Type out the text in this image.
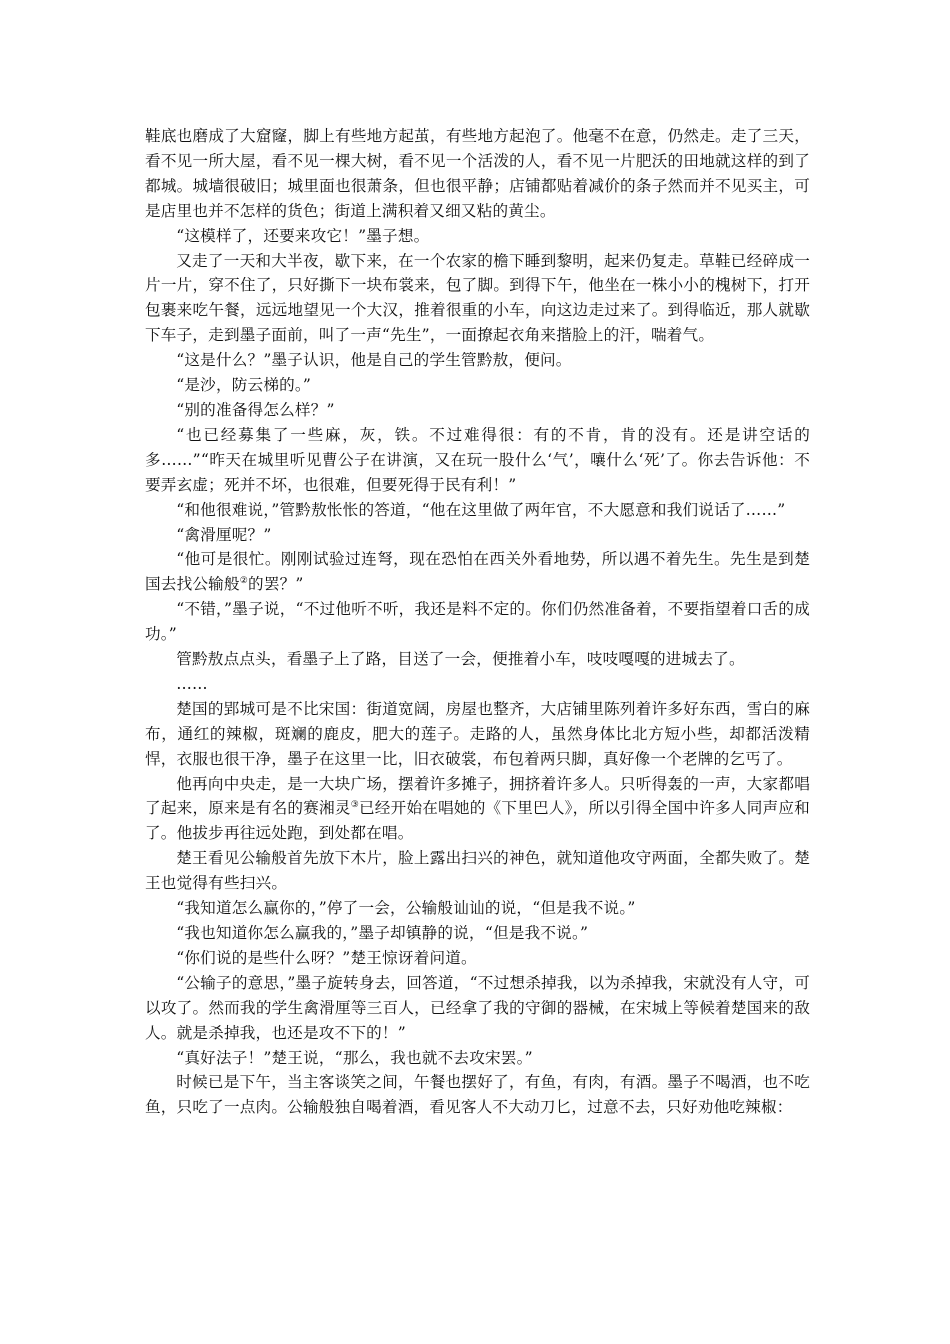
鞋底也磨成了大窟窿，脚上有些地方起茧，有些地方起泡了。他毫不在意，仍然走。走了三天，看不见一所大屋，看不见一棵大树，看不见一个活泼的人，看不见一片肥沃的田地就这样的到了都城。城墙很破旧；城里面也很萧条，但也很平静；店铺都贴着减价的条子然而并不见买主，可是店里也并不怎样的货色；街道上满积着又细又粘的黄尘。

“这模样了，还要来攻它！”墨子想。

又走了一天和大半夜，歇下来，在一个农家的檐下睡到黎明，起来仍复走。草鞋已经碎成一片一片，穿不住了，只好撕下一块布裳来，包了脚。到得下午，他坐在一株小小的槐树下，打开包裹来吃午餐，远远地望见一个大汉，推着很重的小车，向这边走过来了。到得临近，那人就歇下车子，走到墨子面前，叫了一声“先生”，一面撩起衣角来揩脸上的汗，喘着气。

“这是什么？”墨子认识，他是自己的学生管黔敖，便问。

“是沙，防云梯的。”

“别的准备得怎么样？”

“也已经募集了一些麻，灰，铁。不过难得很：有的不肯，肯的没有。还是讲空话的多……”“昨天在城里听见曹公子在讲演，又在玩一股什么‘气’，嚷什么‘死’了。你去告诉他：不要弄玄虚；死并不坏，也很难，但要死得于民有利！”

“和他很难说，”管黔敖怅怅的答道，“他在这里做了两年官，不大愿意和我们说话了……”

“禽滑厘呢？”

“他可是很忙。刚刚试验过连弩，现在恐怕在西关外看地势，所以遇不着先生。先生是到楚国去找公输般②的罢？”

“不错，”墨子说，“不过他听不听，我还是料不定的。你们仍然准备着，不要指望着口舌的成功。”

管黔敖点点头，看墨子上了路，目送了一会，便推着小车，吱吱嘎嘎的进城去了。

……

楚国的郢城可是不比宋国：街道宽阔，房屋也整齐，大店铺里陈列着许多好东西，雪白的麻布，通红的辣椒，斑斓的鹿皮，肥大的莲子。走路的人，虽然身体比北方短小些，却都活泼精悍，衣服也很干净，墨子在这里一比，旧衣破裳，布包着两只脚，真好像一个老牌的乞丐了。

他再向中央走，是一大块广场，摆着许多摊子，拥挤着许多人。只听得轰的一声，大家都唱了起来，原来是有名的赛湘灵③已经开始在唱她的《下里巴人》，所以引得全国中许多人同声应和了。他拔步再往远处跑，到处都在唱。

楚王看见公输般首先放下木片，脸上露出扫兴的神色，就知道他攻守两面，全都失败了。楚王也觉得有些扫兴。

“我知道怎么赢你的，”停了一会，公输般讪讪的说，“但是我不说。”

“我也知道你怎么赢我的，”墨子却镇静的说，“但是我不说。”

“你们说的是些什么呀？”楚王惊讶着问道。

“公输子的意思，”墨子旋转身去，回答道，“不过想杀掉我，以为杀掉我，宋就没有人守，可以攻了。然而我的学生禽滑厘等三百人，已经拿了我的守御的器械，在宋城上等候着楚国来的敌人。就是杀掉我，也还是攻不下的！”

“真好法子！”楚王说，“那么，我也就不去攻宋罢。”

时候已是下午，当主客谈笑之间，午餐也摆好了，有鱼，有肉，有酒。墨子不喝酒，也不吃鱼，只吃了一点肉。公输般独自喝着酒，看见客人不大动刀匕，过意不去，只好劝他吃辣椒：
